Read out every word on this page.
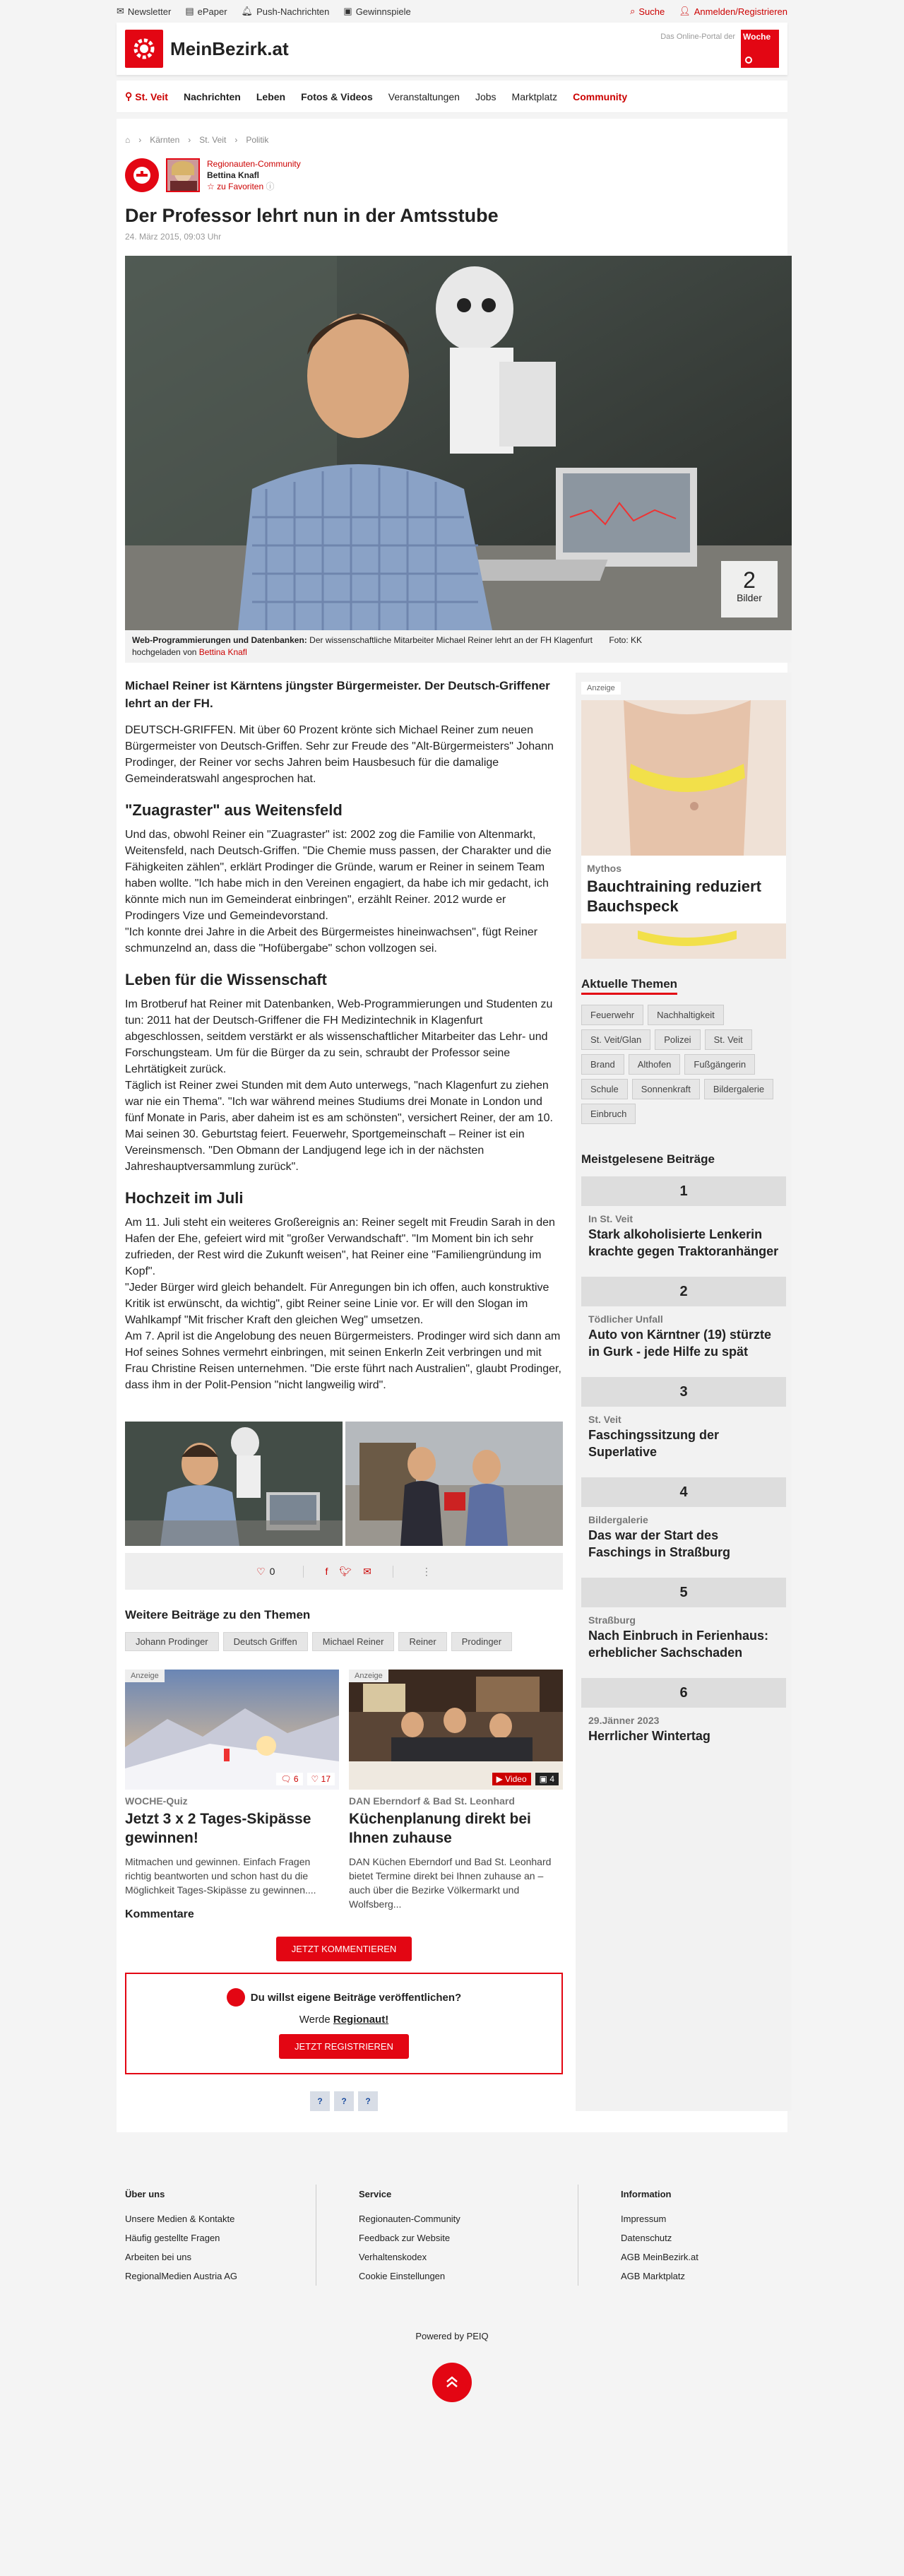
✉ Newsletter ▤ ePaper 🔔︎ Push-Nachrichten ▣ Gewinnspiele	⌕ Suche 👤︎ Anmelden/Registrieren
MeinBezirk.at
Das Online-Portal der Woche
⚲ St. Veit Nachrichten Leben Fotos & Videos Veranstaltungen Jobs Marktplatz Community
⌂ › Kärnten › St. Veit › Politik
Regionauten-Community
Bettina Knafl
☆ zu Favoriten ⓘ
Der Professor lehrt nun in der Amtsstube
24. März 2015, 09:03 Uhr
2
Bilder
Web-Programmierungen und Datenbanken: Der wissenschaftliche Mitarbeiter Michael Reiner lehrt an der FH Klagenfurt Foto: KK
hochgeladen von Bettina Knafl

Michael Reiner ist Kärntens jüngster Bürgermeister. Der Deutsch-Griffener lehrt an der FH.

DEUTSCH-GRIFFEN. Mit über 60 Prozent krönte sich Michael Reiner zum neuen Bürgermeister von Deutsch-Griffen. Sehr zur Freude des "Alt-Bürgermeisters" Johann Prodinger, der Reiner vor sechs Jahren beim Hausbesuch für die damalige Gemeinderatswahl angesprochen hat.

"Zuagraster" aus Weitensfeld

Und das, obwohl Reiner ein "Zuagraster" ist: 2002 zog die Familie von Altenmarkt, Weitensfeld, nach Deutsch-Griffen. "Die Chemie muss passen, der Charakter und die Fähigkeiten zählen", erklärt Prodinger die Gründe, warum er Reiner in seinem Team haben wollte. "Ich habe mich in den Vereinen engagiert, da habe ich mir gedacht, ich könnte mich nun im Gemeinderat einbringen", erzählt Reiner. 2012 wurde er Prodingers Vize und Gemeindevorstand.
"Ich konnte drei Jahre in die Arbeit des Bürgermeistes hineinwachsen", fügt Reiner schmunzelnd an, dass die "Hofübergabe" schon vollzogen sei.

Leben für die Wissenschaft

Im Brotberuf hat Reiner mit Datenbanken, Web-Programmierungen und Studenten zu tun: 2011 hat der Deutsch-Griffener die FH Medizintechnik in Klagenfurt abgeschlossen, seitdem verstärkt er als wissenschaftlicher Mitarbeiter das Lehr- und Forschungsteam. Um für die Bürger da zu sein, schraubt der Professor seine Lehrtätigkeit zurück.
Täglich ist Reiner zwei Stunden mit dem Auto unterwegs, "nach Klagenfurt zu ziehen war nie ein Thema". "Ich war während meines Studiums drei Monate in London und fünf Monate in Paris, aber daheim ist es am schönsten", versichert Reiner, der am 10. Mai seinen 30. Geburtstag feiert. Feuerwehr, Sportgemeinschaft – Reiner ist ein Vereinsmensch. "Den Obmann der Landjugend lege ich in der nächsten Jahreshauptversammlung zurück".

Hochzeit im Juli

Am 11. Juli steht ein weiteres Großereignis an: Reiner segelt mit Freudin Sarah in den Hafen der Ehe, gefeiert wird mit "großer Verwandschaft". "Im Moment bin ich sehr zufrieden, der Rest wird die Zukunft weisen", hat Reiner eine "Familiengründung im Kopf".
"Jeder Bürger wird gleich behandelt. Für Anregungen bin ich offen, auch konstruktive Kritik ist erwünscht, da wichtig", gibt Reiner seine Linie vor. Er will den Slogan im Wahlkampf "Mit frischer Kraft den gleichen Weg" umsetzen.
Am 7. April ist die Angelobung des neuen Bürgermeisters. Prodinger wird sich dann am Hof seines Sohnes vermehrt einbringen, mit seinen Enkerln Zeit verbringen und mit Frau Christine Reisen unternehmen. "Die erste führt nach Australien", glaubt Prodinger, dass ihm in der Polit-Pension "nicht langweilig wird".

♡ 0	f 🐦︎ ✉	⋮
Weitere Beiträge zu den Themen
Johann Prodinger	Deutsch Griffen	Michael Reiner	Reiner	Prodinger
Anzeige
🗨︎ 6	♡ 17
WOCHE-Quiz
Jetzt 3 x 2 Tages-Skipässe gewinnen!
Mitmachen und gewinnen. Einfach Fragen richtig beantworten und schon hast du die Möglichkeit Tages-Skipässe zu gewinnen....
Anzeige
▶ Video	▣ 4
DAN Eberndorf & Bad St. Leonhard
Küchenplanung direkt bei Ihnen zuhause
DAN Küchen Eberndorf und Bad St. Leonhard bietet Termine direkt bei Ihnen zuhause an – auch über die Bezirke Völkermarkt und Wolfsberg...
Kommentare
JETZT KOMMENTIEREN
Du willst eigene Beiträge veröffentlichen?
Werde Regionaut!
JETZT REGISTRIEREN
?	?	?
Anzeige
Mythos
Bauchtraining reduziert Bauchspeck
Aktuelle Themen
Feuerwehr	Nachhaltigkeit
St. Veit/Glan	Polizei	St. Veit
Brand	Althofen	Fußgängerin
Schule	Sonnenkraft	Bildergalerie
Einbruch
Meistgelesene Beiträge
1
In St. Veit
Stark alkoholisierte Lenkerin krachte gegen Traktoranhänger
2
Tödlicher Unfall
Auto von Kärntner (19) stürzte in Gurk - jede Hilfe zu spät
3
St. Veit
Faschingssitzung der Superlative
4
Bildergalerie
Das war der Start des Faschings in Straßburg
5
Straßburg
Nach Einbruch in Ferienhaus: erheblicher Sachschaden
6
29.Jänner 2023
Herrlicher Wintertag
Über uns
Unsere Medien & Kontakte
Häufig gestellte Fragen
Arbeiten bei uns
RegionalMedien Austria AG
Service
Regionauten-Community
Feedback zur Website
Verhaltenskodex
Cookie Einstellungen
Information
Impressum
Datenschutz
AGB MeinBezirk.at
AGB Marktplatz
Powered by PEIQ
